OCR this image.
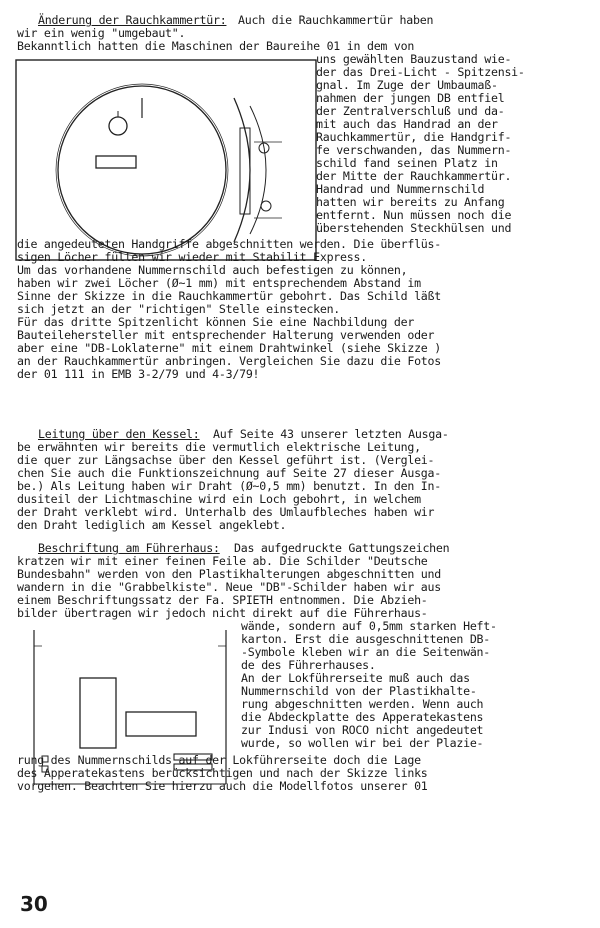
Änderung der Rauchkammertür: Auch die Rauchkammertür haben
wir ein wenig "umgebaut".
Bekanntlich hatten die Maschinen der Baureihe 01 in dem von
uns gewählten Bauzustand wie-
der das Drei-Licht - Spitzensi-
gnal. Im Zuge der Umbaumaß-
nahmen der jungen DB entfiel
der Zentralverschluß und da-
mit auch das Handrad an der
Rauchkammertür, die Handgrif-
fe verschwanden, das Nummern-
schild fand seinen Platz in
der Mitte der Rauchkammertür.
Handrad und Nummernschild
hatten wir bereits zu Anfang
entfernt. Nun müssen noch die
überstehenden Steckhülsen und
die angedeuteten Handgriffe abgeschnitten werden. Die überflüs-
sigen Löcher füllen wir wieder mit Stabilit Express.
Um das vorhandene Nummernschild auch befestigen zu können,
haben wir zwei Löcher (Ø~1 mm) mit entsprechendem Abstand im
Sinne der Skizze in die Rauchkammertür gebohrt. Das Schild läßt
sich jetzt an der "richtigen" Stelle einstecken.
Für das dritte Spitzenlicht können Sie eine Nachbildung der
Bauteilehersteller mit entsprechender Halterung verwenden oder
aber eine "DB-Loklaterne" mit einem Drahtwinkel (siehe Skizze )
an der Rauchkammertür anbringen. Vergleichen Sie dazu die Fotos
der 01 111 in EMB 3-2/79 und 4-3/79!
Leitung über den Kessel: Auf Seite 43 unserer letzten Ausga-
be erwähnten wir bereits die vermutlich elektrische Leitung,
die quer zur Längsachse über den Kessel geführt ist. (Verglei-
chen Sie auch die Funktionszeichnung auf Seite 27 dieser Ausga-
be.) Als Leitung haben wir Draht (Ø~0,5 mm) benutzt. In den In-
dusiteil der Lichtmaschine wird ein Loch gebohrt, in welchem
der Draht verklebt wird. Unterhalb des Umlaufbleches haben wir
den Draht lediglich am Kessel angeklebt.
Beschriftung am Führerhaus: Das aufgedruckte Gattungszeichen
kratzen wir mit einer feinen Feile ab. Die Schilder "Deutsche
Bundesbahn" werden von den Plastikhalterungen abgeschnitten und
wandern in die "Grabbelkiste". Neue "DB"-Schilder haben wir aus
einem Beschriftungssatz der Fa. SPIETH entnommen. Die Abzieh-
bilder übertragen wir jedoch nicht direkt auf die Führerhaus-
wände, sondern auf 0,5mm starken Heft-
karton. Erst die ausgeschnittenen DB-
-Symbole kleben wir an die Seitenwän-
de des Führerhauses.
An der Lokführerseite muß auch das
Nummernschild von der Plastikhalte-
rung abgeschnitten werden. Wenn auch
die Abdeckplatte des Apperatekastens
zur Indusi von ROCO nicht angedeutet
wurde, so wollen wir bei der Plazie-
rung des Nummernschilds auf der Lokführerseite doch die Lage
des Apperatekastens berücksichtigen und nach der Skizze links
vorgehen. Beachten Sie hierzu auch die Modellfotos unserer 01
30
